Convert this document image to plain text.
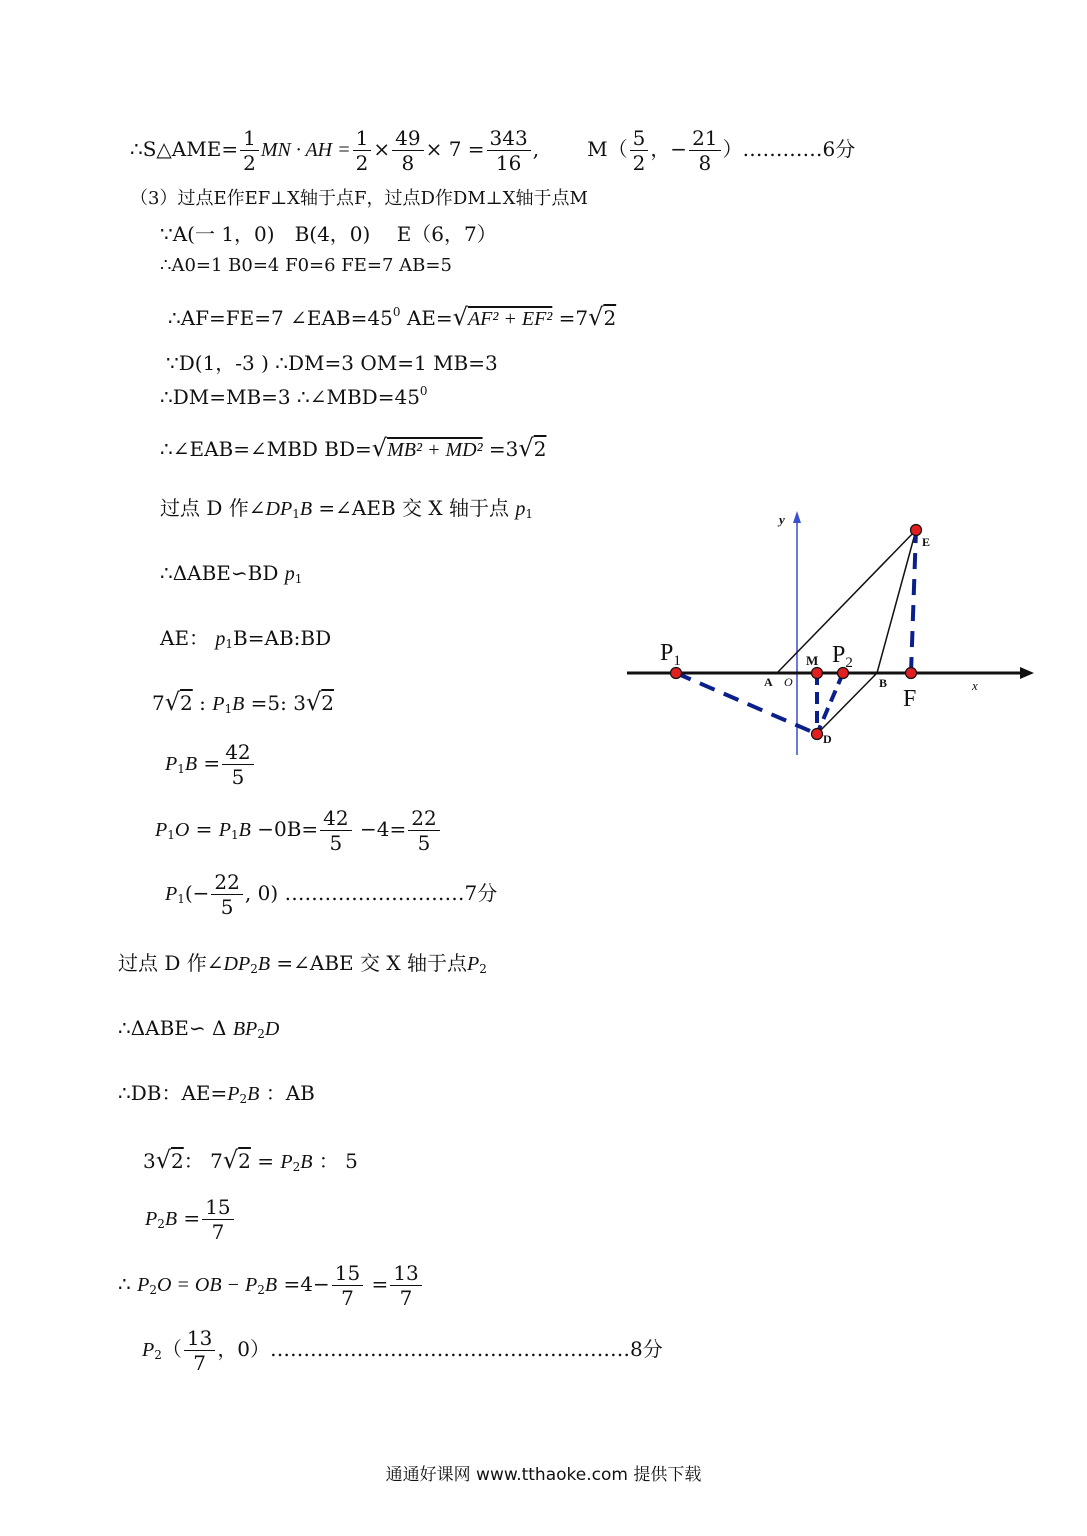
∴S△AME= $\frac{1}{2}$ MN · AH = $\frac{1}{2} \times \frac{49}{8} \times 7 = \frac{343}{16}$ , $M( \frac{5}{2}$ ，− $\frac{21}{8}$ ）…………6分
（3）过点E作EF⊥X轴于点F，过点D作DM⊥X轴于点M
∵A(一 1，0)　B(4，0)　 E（6，7）
∴A0=1 B0=4 F0=6 FE=7 AB=5
∴AF=FE=7 $\angle EAB=45^0$ AE=√AF² + EF² =7√2
∵D(1，-3 ) ∴DM=3 OM=1 MB=3
∴DM=MB=3 $\therefore\angle MBD=45^0$
∴∠EAB=∠MBD BD=√MB² + MD² =3√2
过点 D 作$\angle DP_1B$ =∠AEB 交 X 轴于点 $p_1$
∴ΔABE∽BD $p_1$
AE： $p_1B=AB:BD$
7√2 : $P_1B =5$: 3√2
$P_1B = \frac{42}{5}$
$P_1O = P_1B -0B= \frac{42}{5} -4= \frac{22}{5}$
$P_1(- \frac{22}{5}$ , 0) ………………………7分
过点 D 作$\angle DP_2B$ =∠ABE 交 X 轴于点$P_2$
∴ΔABE∽ Δ $BP_2D$
∴DB：$AE=P_2B$ ：AB
3√2： $7√2 = P_2B$ ： 5
$P_2B = \frac{15}{7}$
∴ $P_2O$ = OB − $P_2B =4- \frac{15}{7} = \frac{13}{7}$
$P_2( \frac{13}{7}$ ，0）………………………………………………8分
y
x
E
A O
M
B
D
F
$P_1$	$P_2$
通通好课网 www.tthaoke.com 提供下载
